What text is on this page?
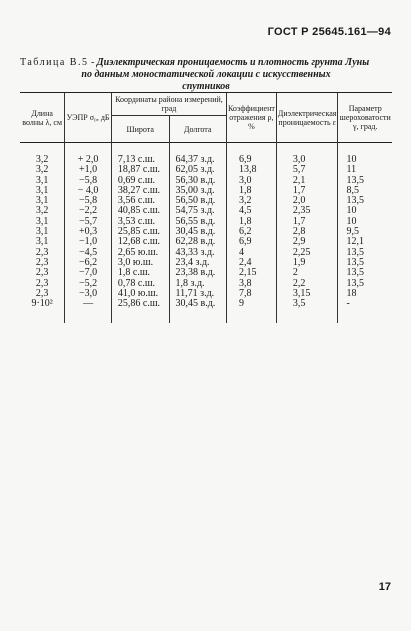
ГОСТ Р 25645.161—94
Таблица В.5 - Диэлектрическая проницаемость и плотность грунта Луны
по данным моностатической локации с искусственных
спутников
Длина волны λ, см	УЭПР σ₀, дБ	Координаты района измерений, град		Коэффициент отражения ρ, %	Диэлектрическая проницаемость ε	Параметр шероховатости γ, град.
		Широта	Долгота			
3,2	+ 2,0	7,13 с.ш.	64,37 з.д.	6,9	3,0	10
3,2	+1,0	18,87 с.ш.	62,05 з.д.	13,8	5,7	11
3,1	−5,8	0,69 с.ш.	56,30 в.д.	3,0	2,1	13,5
3,1	− 4,0	38,27 с.ш.	35,00 з.д.	1,8	1,7	8,5
3,1	−5,8	3,56 с.ш.	56,50 в.д.	3,2	2,0	13,5
3,2	−2,2	40,85 с.ш.	54,75 з.д.	4,5	2,35	10
3,1	−5,7	3,53 с.ш.	56,55 в.д.	1,8	1,7	10
3,1	+0,3	25,85 с.ш.	30,45 в.д.	6,2	2,8	9,5
3,1	−1,0	12,68 с.ш.	62,28 в.д.	6,9	2,9	12,1
2,3	−4,5	2,65 ю.ш.	43,33 з.д.	4	2,25	13,5
2,3	−6,2	3,0 ю.ш.	23,4 з.д.	2,4	1,9	13,5
2,3	−7,0	1,8 с.ш.	23,38 в.д.	2,15	2	13,5
2,3	−5,2	0,78 с.ш.	1,8 з.д.	3,8	2,2	13,5
2,3	−3,0	41,0 ю.ш.	11,71 з.д.	7,8	3,15	18
9·10²	—	25,86 с.ш.	30,45 в.д.	9	3,5	-
17
